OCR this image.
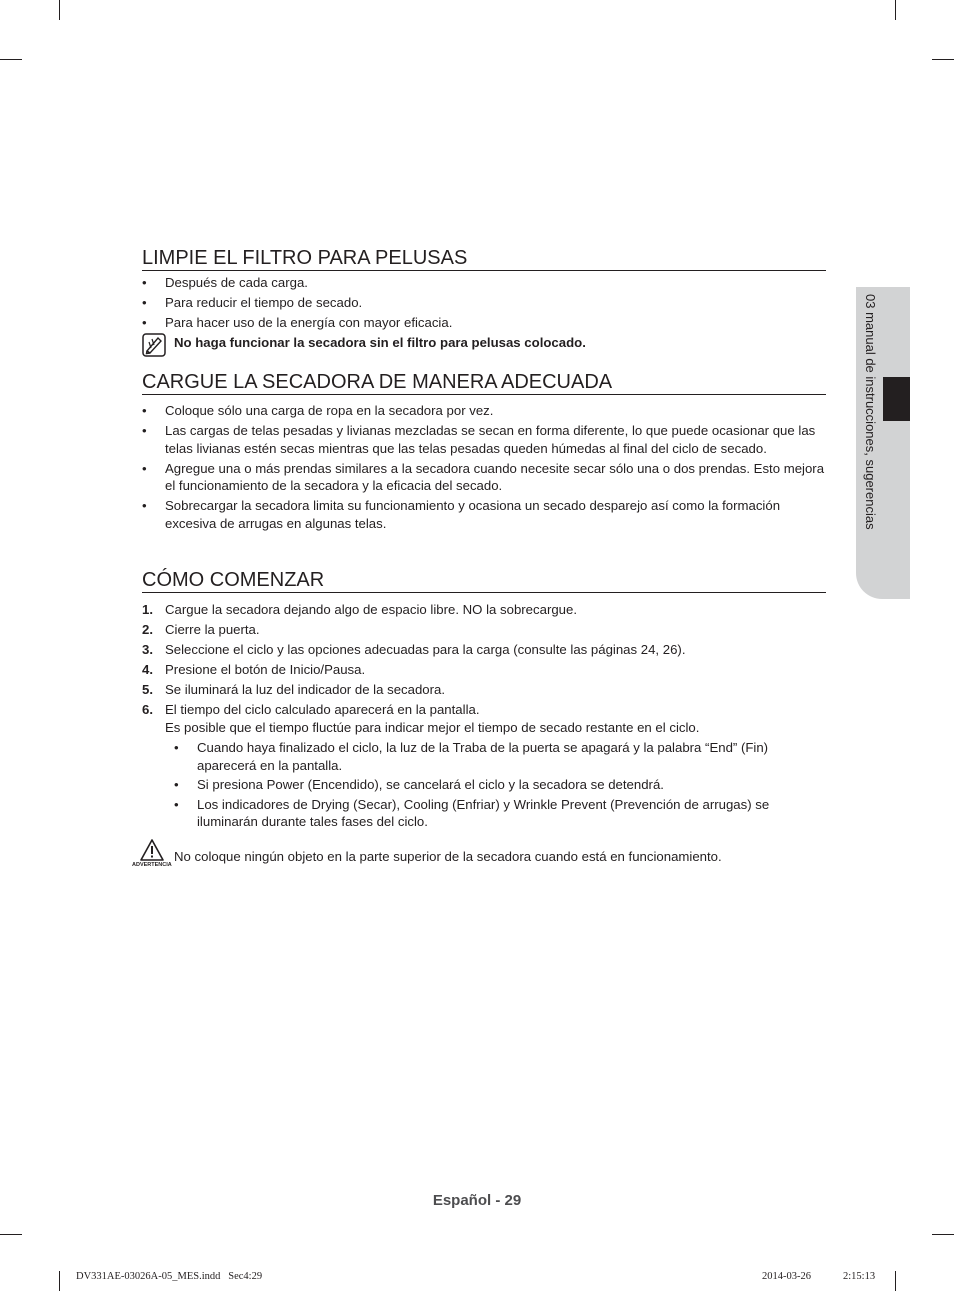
LIMPIE EL FILTRO PARA PELUSAS
• Después de cada carga.
• Para reducir el tiempo de secado.
• Para hacer uso de la energía con mayor eficacia.
No haga funcionar la secadora sin el filtro para pelusas colocado.
CARGUE LA SECADORA DE MANERA ADECUADA
• Coloque sólo una carga de ropa en la secadora por vez.
• Las cargas de telas pesadas y livianas mezcladas se secan en forma diferente, lo que puede ocasionar que las telas livianas estén secas mientras que las telas pesadas queden húmedas al final del ciclo de secado.
• Agregue una o más prendas similares a la secadora cuando necesite secar sólo una o dos prendas. Esto mejora el funcionamiento de la secadora y la eficacia del secado.
• Sobrecargar la secadora limita su funcionamiento y ocasiona un secado desparejo así como la formación excesiva de arrugas en algunas telas.
CÓMO COMENZAR
1. Cargue la secadora dejando algo de espacio libre. NO la sobrecargue.
2. Cierre la puerta.
3. Seleccione el ciclo y las opciones adecuadas para la carga (consulte las páginas 24, 26).
4. Presione el botón de Inicio/Pausa.
5. Se iluminará la luz del indicador de la secadora.
6. El tiempo del ciclo calculado aparecerá en la pantalla.
Es posible que el tiempo fluctúe para indicar mejor el tiempo de secado restante en el ciclo.
• Cuando haya finalizado el ciclo, la luz de la Traba de la puerta se apagará y la palabra “End” (Fin) aparecerá en la pantalla.
• Si presiona Power (Encendido), se cancelará el ciclo y la secadora se detendrá.
• Los indicadores de Drying (Secar), Cooling (Enfriar) y Wrinkle Prevent (Prevención de arrugas) se iluminarán durante tales fases del ciclo.
ADVERTENCIA
No coloque ningún objeto en la parte superior de la secadora cuando está en funcionamiento.
03 manual de instrucciones, sugerencias
Español - 29
DV331AE-03026A-05_MES.indd   Sec4:29	2014-03-26	2:15:13
